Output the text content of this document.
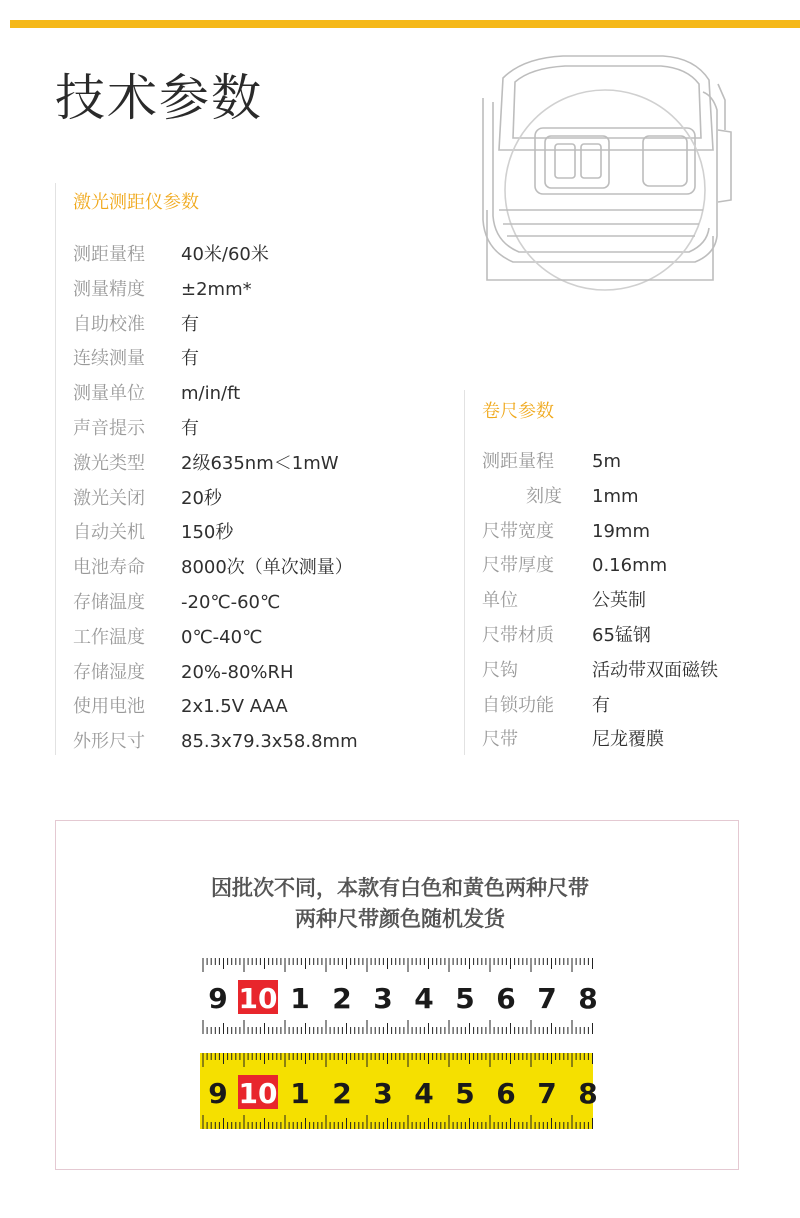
技术参数
激光测距仪参数
测距量程 40米/60米
测量精度 ±2mm*
自助校准 有
连续测量 有
测量单位 m/in/ft
声音提示 有
激光类型 2级635nm＜1mW
激光关闭 20秒
自动关机 150秒
电池寿命 8000次（单次测量）
存储温度 -20℃-60℃
工作温度 0℃-40℃
存储湿度 20%-80%RH
使用电池 2x1.5V AAA
外形尺寸 85.3x79.3x58.8mm
卷尺参数
测距量程 5m
刻度 1mm
尺带宽度 19mm
尺带厚度 0.16mm
单位	公英制
尺带材质 65锰钢
尺钩	活动带双面磁铁
自锁功能 有
尺带	尼龙覆膜
因批次不同，本款有白色和黄色两种尺带
两种尺带颜色随机发货
9 10 1 2 3 4 5 6 7 8
9 10 1 2 3 4 5 6 7 8
